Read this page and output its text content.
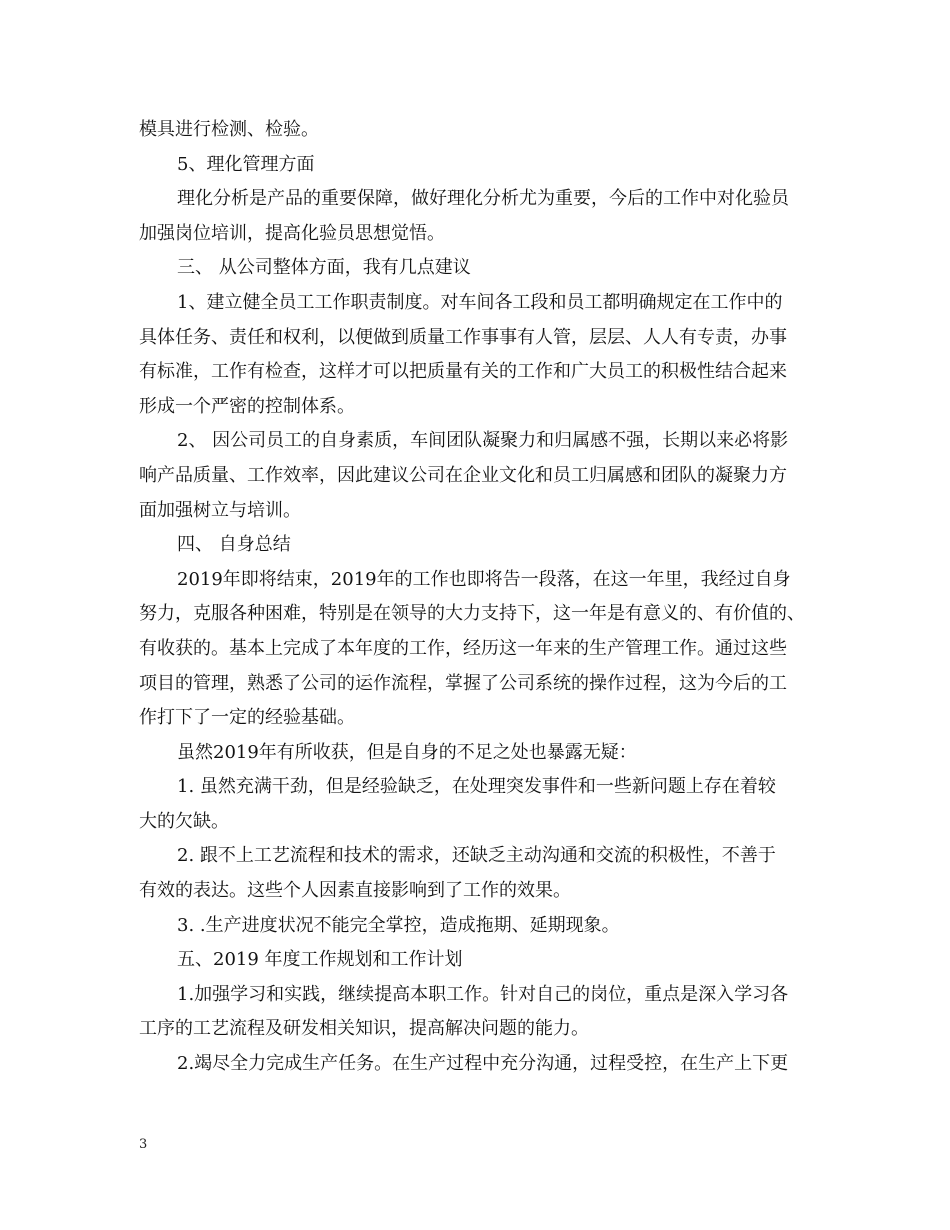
模具进行检测、检验。
5、理化管理方面
理化分析是产品的重要保障，做好理化分析尤为重要，今后的工作中对化验员
加强岗位培训，提高化验员思想觉悟。
三、 从公司整体方面，我有几点建议
1、建立健全员工工作职责制度。对车间各工段和员工都明确规定在工作中的
具体任务、责任和权利，以便做到质量工作事事有人管，层层、人人有专责，办事
有标准，工作有检查，这样才可以把质量有关的工作和广大员工的积极性结合起来
形成一个严密的控制体系。
2、 因公司员工的自身素质，车间团队凝聚力和归属感不强，长期以来必将影
响产品质量、工作效率，因此建议公司在企业文化和员工归属感和团队的凝聚力方
面加强树立与培训。
四、 自身总结
2019年即将结束，2019年的工作也即将告一段落，在这一年里，我经过自身
努力，克服各种困难，特别是在领导的大力支持下，这一年是有意义的、有价值的、
有收获的。基本上完成了本年度的工作，经历这一年来的生产管理工作。通过这些
项目的管理，熟悉了公司的运作流程，掌握了公司系统的操作过程，这为今后的工
作打下了一定的经验基础。
虽然2019年有所收获，但是自身的不足之处也暴露无疑：
1. 虽然充满干劲，但是经验缺乏，在处理突发事件和一些新问题上存在着较
大的欠缺。
2. 跟不上工艺流程和技术的需求，还缺乏主动沟通和交流的积极性，不善于
有效的表达。这些个人因素直接影响到了工作的效果。
3. .生产进度状况不能完全掌控，造成拖期、延期现象。
五、2019 年度工作规划和工作计划
1.加强学习和实践，继续提高本职工作。针对自己的岗位，重点是深入学习各
工序的工艺流程及研发相关知识，提高解决问题的能力。
2.竭尽全力完成生产任务。在生产过程中充分沟通，过程受控，在生产上下更
3
